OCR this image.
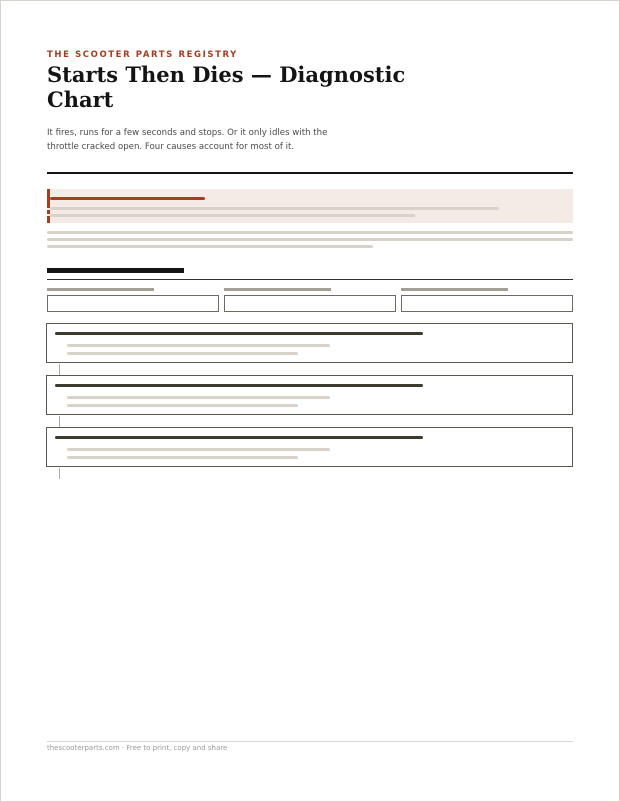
THE SCOOTER PARTS REGISTRY
Starts Then Dies — Diagnostic Chart

It fires, runs for a few seconds and stops. Or it only idles with the throttle cracked open. Four causes account for most of it.

thescooterparts.com · Free to print, copy and share
